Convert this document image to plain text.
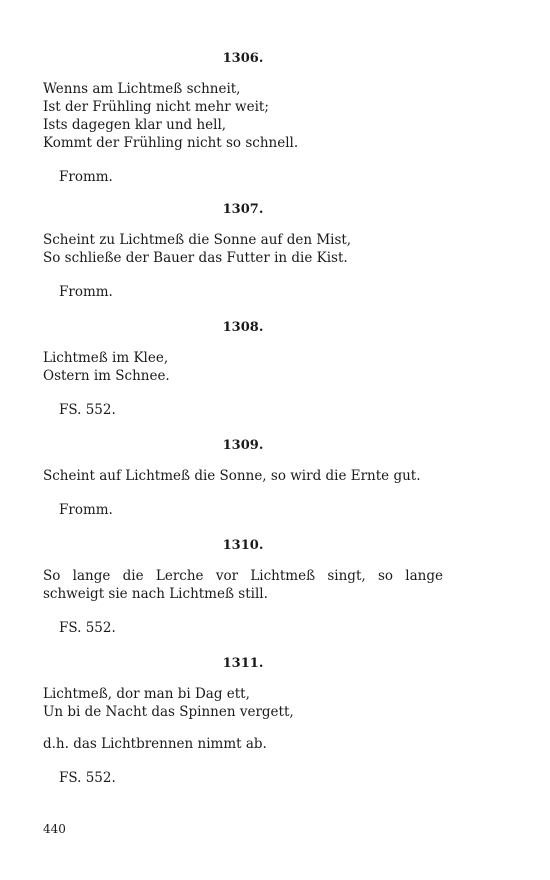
1306.

Wenns am Lichtmeß schneit,
Ist der Frühling nicht mehr weit;
Ists dagegen klar und hell,
Kommt der Frühling nicht so schnell.

Fromm.

1307.

Scheint zu Lichtmeß die Sonne auf den Mist,
So schließe der Bauer das Futter in die Kist.

Fromm.

1308.

Lichtmeß im Klee,
Ostern im Schnee.

FS. 552.

1309.

Scheint auf Lichtmeß die Sonne, so wird die Ernte gut.

Fromm.

1310.

So lange die Lerche vor Lichtmeß singt, so lange schweigt sie nach Lichtmeß still.

FS. 552.

1311.

Lichtmeß, dor man bi Dag ett,
Un bi de Nacht das Spinnen vergett,

d.h. das Lichtbrennen nimmt ab.

FS. 552.

440
